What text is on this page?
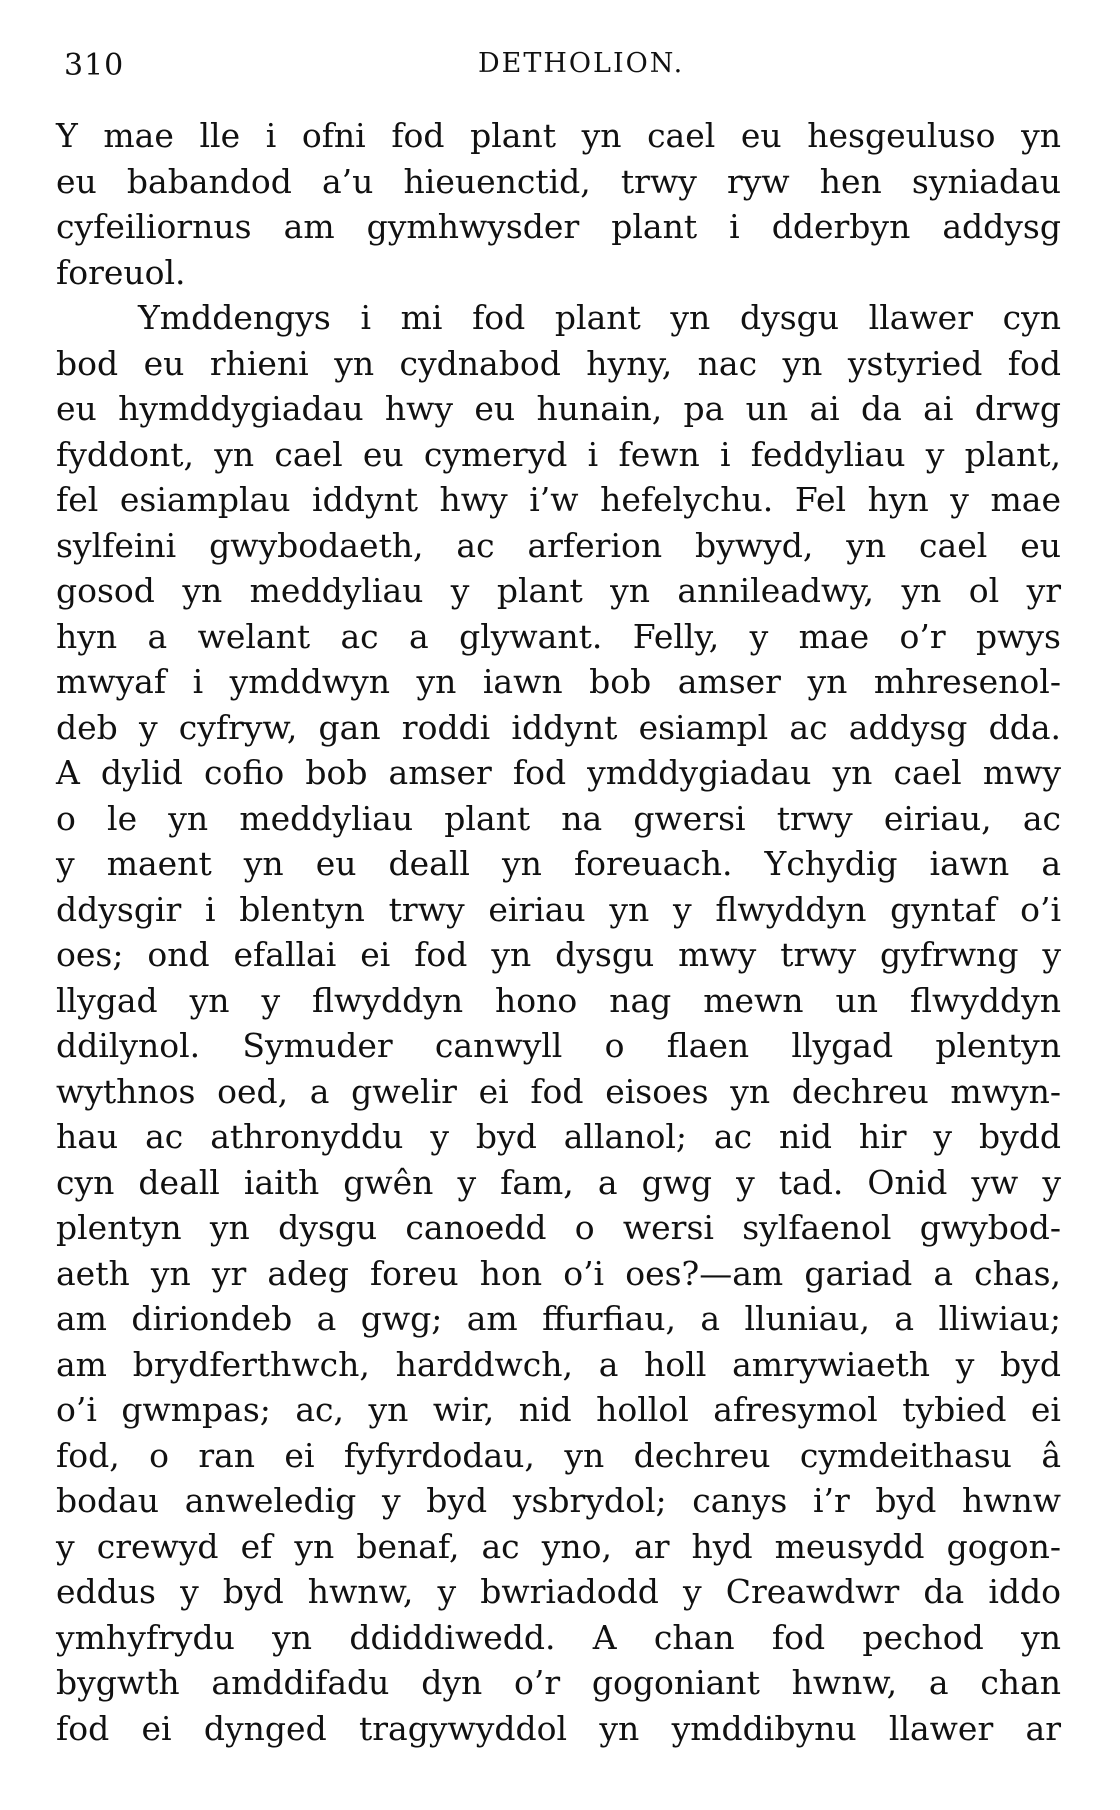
310	DETHOLION.
Y mae lle i ofni fod plant yn cael eu hesgeuluso yn
eu babandod a’u hieuenctid, trwy ryw hen syniadau
cyfeiliornus am gymhwysder plant i dderbyn addysg
foreuol.
Ymddengys i mi fod plant yn dysgu llawer cyn
bod eu rhieni yn cydnabod hyny, nac yn ystyried fod
eu hymddygiadau hwy eu hunain, pa un ai da ai drwg
fyddont, yn cael eu cymeryd i fewn i feddyliau y plant,
fel esiamplau iddynt hwy i’w hefelychu. Fel hyn y mae
sylfeini gwybodaeth, ac arferion bywyd, yn cael eu
gosod yn meddyliau y plant yn annileadwy, yn ol yr
hyn a welant ac a glywant. Felly, y mae o’r pwys
mwyaf i ymddwyn yn iawn bob amser yn mhresenol-
deb y cyfryw, gan roddi iddynt esiampl ac addysg dda.
A dylid cofio bob amser fod ymddygiadau yn cael mwy
o le yn meddyliau plant na gwersi trwy eiriau, ac
y maent yn eu deall yn foreuach. Ychydig iawn a
ddysgir i blentyn trwy eiriau yn y flwyddyn gyntaf o’i
oes; ond efallai ei fod yn dysgu mwy trwy gyfrwng y
llygad yn y flwyddyn hono nag mewn un flwyddyn
ddilynol. Symuder canwyll o flaen llygad plentyn
wythnos oed, a gwelir ei fod eisoes yn dechreu mwyn-
hau ac athronyddu y byd allanol; ac nid hir y bydd
cyn deall iaith gwên y fam, a gwg y tad. Onid yw y
plentyn yn dysgu canoedd o wersi sylfaenol gwybod-
aeth yn yr adeg foreu hon o’i oes?—am gariad a chas,
am diriondeb a gwg; am ffurfiau, a lluniau, a lliwiau;
am brydferthwch, harddwch, a holl amrywiaeth y byd
o’i gwmpas; ac, yn wir, nid hollol afresymol tybied ei
fod, o ran ei fyfyrdodau, yn dechreu cymdeithasu â
bodau anweledig y byd ysbrydol; canys i’r byd hwnw
y crewyd ef yn benaf, ac yno, ar hyd meusydd gogon-
eddus y byd hwnw, y bwriadodd y Creawdwr da iddo
ymhyfrydu yn ddiddiwedd. A chan fod pechod yn
bygwth amddifadu dyn o’r gogoniant hwnw, a chan
fod ei dynged tragywyddol yn ymddibynu llawer ar
